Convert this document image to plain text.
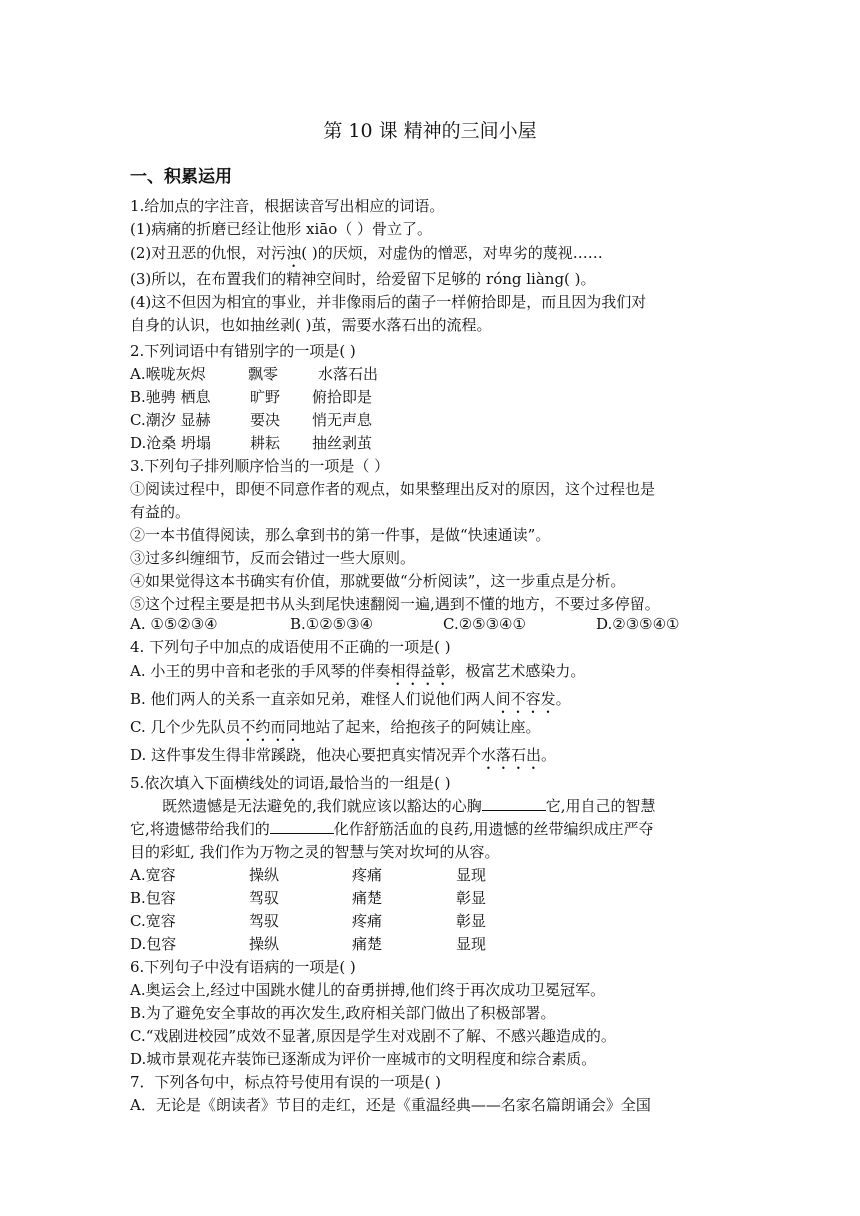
第 10 课 精神的三间小屋
一、积累运用
1.给加点的字注音，根据读音写出相应的词语。
(1)病痛的折磨已经让他形 xiāo（ ）骨立了。
(2)对丑恶的仇恨，对污浊( )的厌烦，对虚伪的憎恶，对卑劣的蔑视……
(3)所以，在布置我们的精神空间时，给爱留下足够的 róng liàng( )。
(4)这不但因为相宜的事业，并非像雨后的菌子一样俯拾即是，而且因为我们对
自身的认识，也如抽丝剥( )茧，需要水落石出的流程。
2.下列词语中有错别字的一项是( )
A.喉咙灰烬	飘零	水落石出
B.驰骋 栖息	旷野 俯拾即是
C.潮汐 显赫	要决 悄无声息
D.沧桑 坍塌	耕耘 抽丝剥茧
3.下列句子排列顺序恰当的一项是（ ）
①阅读过程中，即便不同意作者的观点，如果整理出反对的原因，这个过程也是
有益的。
②一本书值得阅读，那么拿到书的第一件事，是做“快速通读”。
③过多纠缠细节，反而会错过一些大原则。
④如果觉得这本书确实有价值，那就要做“分析阅读”，这一步重点是分析。
⑤这个过程主要是把书从头到尾快速翻阅一遍,遇到不懂的地方，不要过多停留。
A. ①⑤②③④	B.①②⑤③④	C.②⑤③④①	D.②③⑤④①
4. 下列句子中加点的成语使用不正确的一项是( )
A. 小王的男中音和老张的手风琴的伴奏相得益彰，极富艺术感染力。
B. 他们两人的关系一直亲如兄弟，难怪人们说他们两人间不容发。
C. 几个少先队员不约而同地站了起来，给抱孩子的阿姨让座。
D. 这件事发生得非常蹊跷，他决心要把真实情况弄个水落石出。
5.依次填入下面横线处的词语,最恰当的一组是( )
既然遗憾是无法避免的,我们就应该以豁达的心胸	它,用自己的智慧
它,将遗憾带给我们的	化作舒筋活血的良药,用遗憾的丝带编织成庄严夺
目的彩虹, 我们作为万物之灵的智慧与笑对坎坷的从容。
A.宽容	操纵	疼痛	显现
B.包容	驾驭	痛楚	彰显
C.宽容	驾驭	疼痛	彰显
D.包容	操纵	痛楚	显现
6.下列句子中没有语病的一项是( )
A.奥运会上,经过中国跳水健儿的奋勇拼搏,他们终于再次成功卫冕冠军。
B.为了避免安全事故的再次发生,政府相关部门做出了积极部署。
C.“戏剧进校园”成效不显著,原因是学生对戏剧不了解、不感兴趣造成的。
D.城市景观花卉装饰已逐渐成为评价一座城市的文明程度和综合素质。
7．下列各句中，标点符号使用有误的一项是( )
A．无论是《朗读者》节目的走红，还是《重温经典——名家名篇朗诵会》全国
